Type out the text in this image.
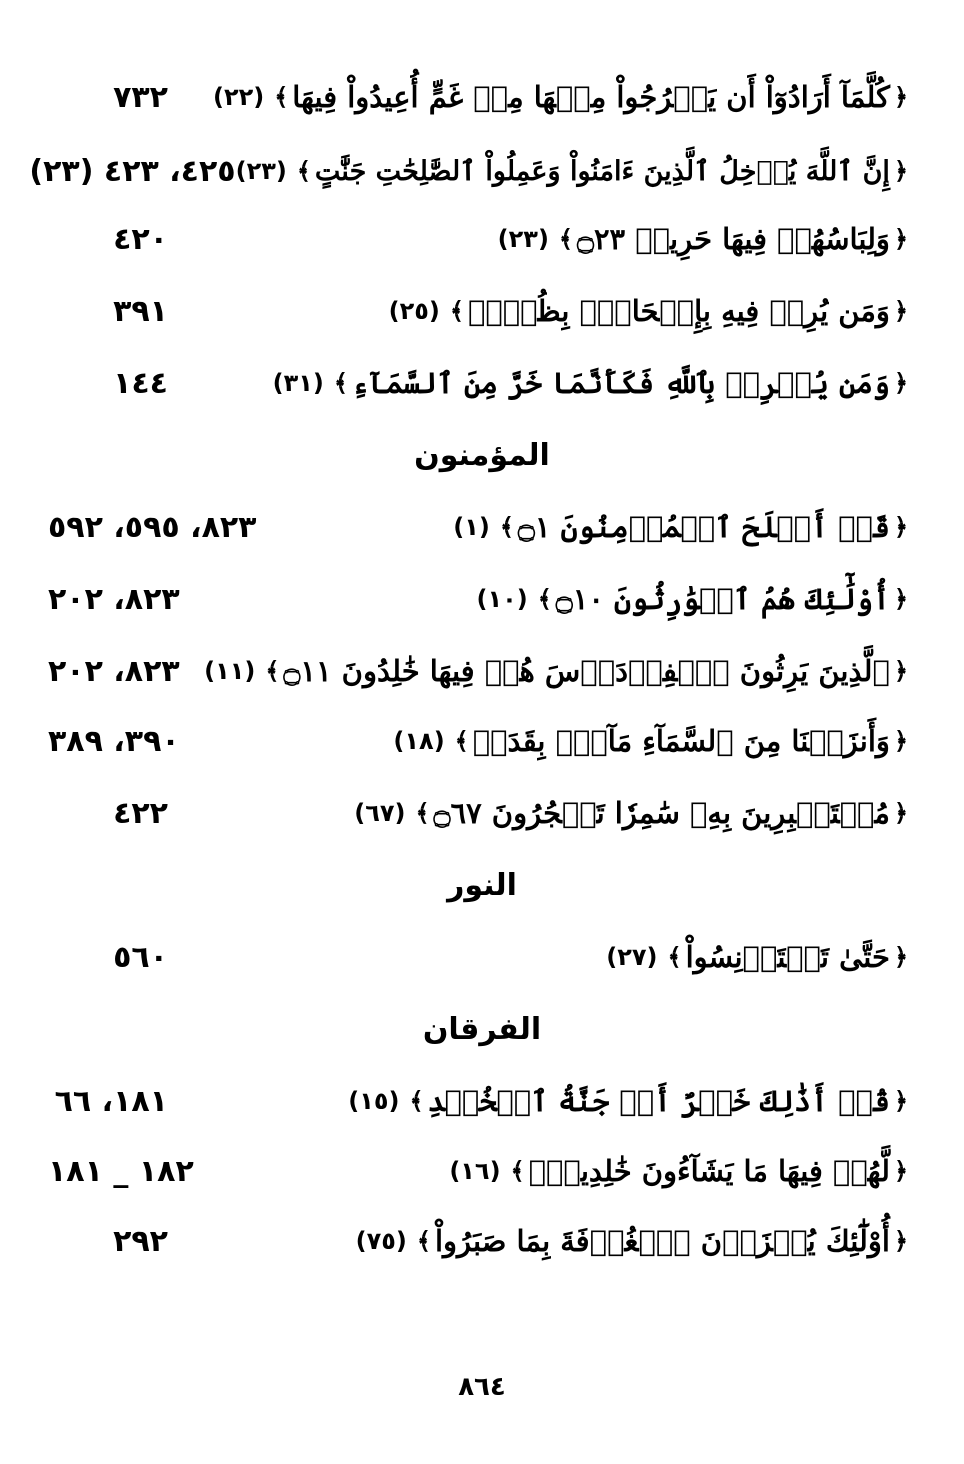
﴿
كُلَّمَآ أَرَادُوٓاْ أَن يَخۡرُجُواْ مِنۡهَا مِنۡ غَمٍّ أُعِيدُواْ فِيهَا
﴾
(٢٢)
٧٣٢
﴿
إِنَّ ٱللَّهَ يُدۡخِلُ ٱلَّذِينَ ءَامَنُواْ وَعَمِلُواْ ٱلصَّٰلِحَٰتِ جَنَّٰتٍ
﴾
(٢٣)
٤٢٥، ٤٢٣ (٢٣)
﴿
وَلِبَاسُهُمۡ فِيهَا حَرِيرٞ ۝٢٣
﴾
(٢٣)
٤٢٠
﴿
وَمَن يُرِدۡ فِيهِ بِإِلۡحَادِۭ بِظُلۡمٖ
﴾
(٢٥)
٣٩١
﴿
وَمَن يُشۡرِكۡ بِٱللَّهِ فَكَأَنَّمَا خَرَّ مِنَ ٱلسَّمَآءِ
﴾
(٣١)
١٤٤
المؤمنون
﴿
قَدۡ أَفۡلَحَ ٱلۡمُؤۡمِنُونَ ۝١
﴾
(١)
٨٢٣، ٥٩٥، ٥٩٢
﴿
أُوْلَٰٓئِكَ هُمُ ٱلۡوَٰرِثُونَ ۝١٠
﴾
(١٠)
٨٢٣، ٢٠٢
﴿
ٱلَّذِينَ يَرِثُونَ ٱلۡفِرۡدَوۡسَ هُمۡ فِيهَا خَٰلِدُونَ ۝١١
﴾
(١١)
٨٢٣، ٢٠٢
﴿
وَأَنزَلۡنَا مِنَ ٱلسَّمَآءِ مَآءَۢ بِقَدَرٖ
﴾
(١٨)
٣٩٠، ٣٨٩
﴿
مُسۡتَكۡبِرِينَ بِهِۦ سَٰمِرٗا تَهۡجُرُونَ ۝٦٧
﴾
(٦٧)
٤٢٢
النور
﴿
حَتَّىٰ تَسۡتَأۡنِسُواْ
﴾
(٢٧)
٥٦٠
الفرقان
﴿
قُلۡ أَذَٰلِكَ خَيۡرٌ أَمۡ جَنَّةُ ٱلۡخُلۡدِ
﴾
(١٥)
١٨١، ٦٦
﴿
لَّهُمۡ فِيهَا مَا يَشَآءُونَ خَٰلِدِينَۚ
﴾
(١٦)
١٨٢ _ ١٨١
﴿
أُوْلَٰٓئِكَ يُجۡزَوۡنَ ٱلۡغُرۡفَةَ بِمَا صَبَرُواْ
﴾
(٧٥)
٢٩٢
٨٦٤
